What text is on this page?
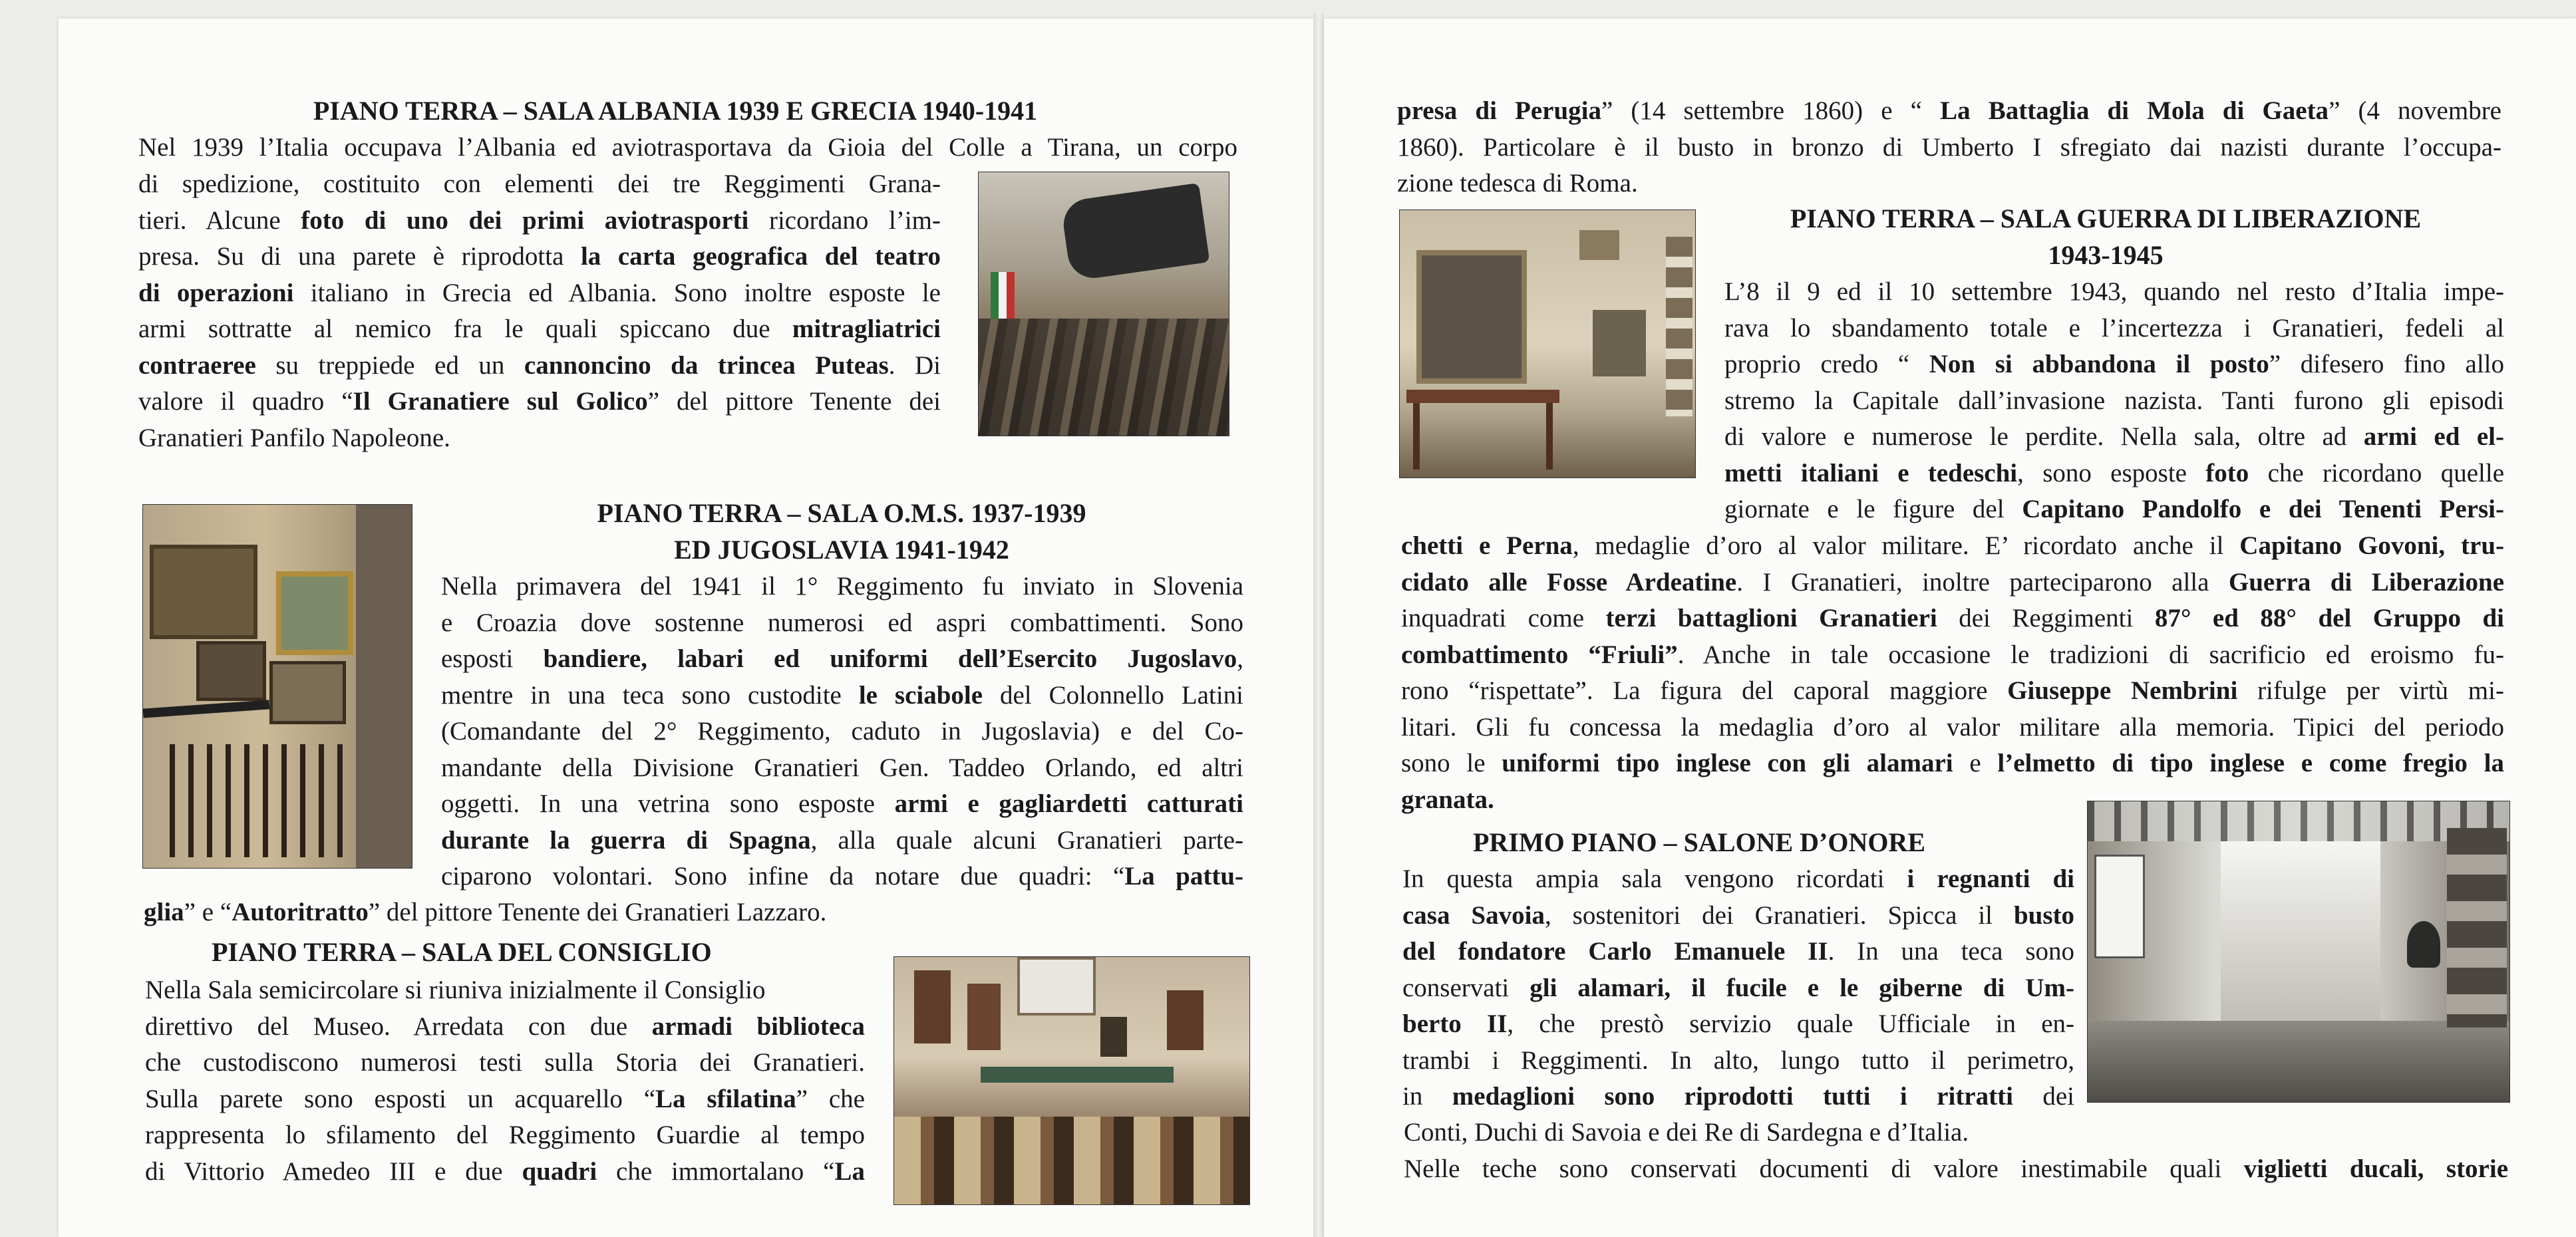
PIANO TERRA – SALA ALBANIA 1939 E GRECIA 1940-1941
Nel 1939 l’Italia occupava l’Albania ed aviotrasportava da Gioia del Colle a Tirana, un corpo
di spedizione, costituito con elementi dei tre Reggimenti Grana-
tieri. Alcune foto di uno dei primi aviotrasporti ricordano l’im-
presa. Su di una parete è riprodotta la carta geografica del teatro
di operazioni italiano in Grecia ed Albania. Sono inoltre esposte le
armi sottratte al nemico fra le quali spiccano due mitragliatrici
contraeree su treppiede ed un cannoncino da trincea Puteas. Di
valore il quadro “Il Granatiere sul Golico” del pittore Tenente dei
Granatieri Panfilo Napoleone.
PIANO TERRA – SALA O.M.S. 1937-1939
ED JUGOSLAVIA 1941-1942
Nella primavera del 1941 il 1° Reggimento fu inviato in Slovenia
e Croazia dove sostenne numerosi ed aspri combattimenti. Sono
esposti bandiere, labari ed uniformi dell’Esercito Jugoslavo,
mentre in una teca sono custodite le sciabole del Colonnello Latini
(Comandante del 2° Reggimento, caduto in Jugoslavia) e del Co-
mandante della Divisione Granatieri Gen. Taddeo Orlando, ed altri
oggetti. In una vetrina sono esposte armi e gagliardetti catturati
durante la guerra di Spagna, alla quale alcuni Granatieri parte-
ciparono volontari. Sono infine da notare due quadri: “La pattu-
glia” e “Autoritratto” del pittore Tenente dei Granatieri Lazzaro.
PIANO TERRA – SALA DEL CONSIGLIO
Nella Sala semicircolare si riuniva inizialmente il Consiglio
direttivo del Museo. Arredata con due armadi biblioteca
che custodiscono numerosi testi sulla Storia dei Granatieri.
Sulla parete sono esposti un acquarello “La sfilatina” che
rappresenta lo sfilamento del Reggimento Guardie al tempo
di Vittorio Amedeo III e due quadri che immortalano “La
presa di Perugia” (14 settembre 1860) e “ La Battaglia di Mola di Gaeta” (4 novembre
1860). Particolare è il busto in bronzo di Umberto I sfregiato dai nazisti durante l’occupa-
zione tedesca di Roma.
PIANO TERRA – SALA GUERRA DI LIBERAZIONE
1943-1945
L’8 il 9 ed il 10 settembre 1943, quando nel resto d’Italia impe-
rava lo sbandamento totale e l’incertezza i Granatieri, fedeli al
proprio credo “ Non si abbandona il posto” difesero fino allo
stremo la Capitale dall’invasione nazista. Tanti furono gli episodi
di valore e numerose le perdite. Nella sala, oltre ad armi ed el-
metti italiani e tedeschi, sono esposte foto che ricordano quelle
giornate e le figure del Capitano Pandolfo e dei Tenenti Persi-
chetti e Perna, medaglie d’oro al valor militare. E’ ricordato anche il Capitano Govoni, tru-
cidato alle Fosse Ardeatine. I Granatieri, inoltre parteciparono alla Guerra di Liberazione
inquadrati come terzi battaglioni Granatieri dei Reggimenti 87° ed 88° del Gruppo di
combattimento “Friuli”. Anche in tale occasione le tradizioni di sacrificio ed eroismo fu-
rono “rispettate”. La figura del caporal maggiore Giuseppe Nembrini rifulge per virtù mi-
litari. Gli fu concessa la medaglia d’oro al valor militare alla memoria. Tipici del periodo
sono le uniformi tipo inglese con gli alamari e l’elmetto di tipo inglese e come fregio la
granata.
PRIMO PIANO – SALONE D’ONORE
In questa ampia sala vengono ricordati i regnanti di
casa Savoia, sostenitori dei Granatieri. Spicca il busto
del fondatore Carlo Emanuele II. In una teca sono
conservati gli alamari, il fucile e le giberne di Um-
berto II, che prestò servizio quale Ufficiale in en-
trambi i Reggimenti. In alto, lungo tutto il perimetro,
in medaglioni sono riprodotti tutti i ritratti dei
Conti, Duchi di Savoia e dei Re di Sardegna e d’Italia.
Nelle teche sono conservati documenti di valore inestimabile quali viglietti ducali, storie
